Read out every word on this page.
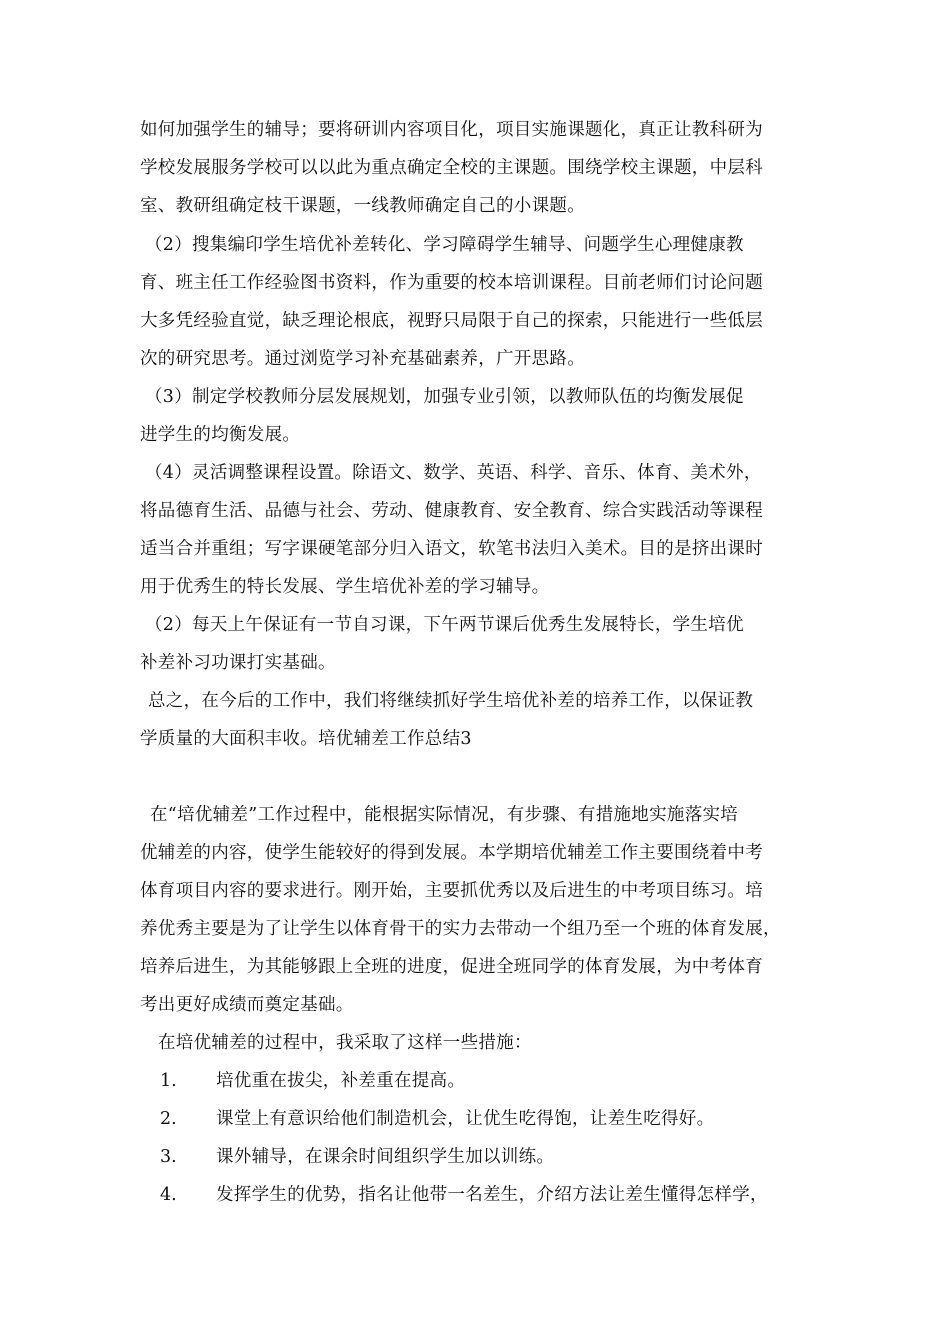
如何加强学生的辅导；要将研训内容项目化，项目实施课题化，真正让教科研为
学校发展服务学校可以以此为重点确定全校的主课题。围绕学校主课题，中层科
室、教研组确定枝干课题，一线教师确定自己的小课题。
（2）搜集编印学生培优补差转化、学习障碍学生辅导、问题学生心理健康教
育、班主任工作经验图书资料，作为重要的校本培训课程。目前老师们讨论问题
大多凭经验直觉，缺乏理论根底，视野只局限于自己的探索，只能进行一些低层
次的研究思考。通过浏览学习补充基础素养，广开思路。
（3）制定学校教师分层发展规划，加强专业引领，以教师队伍的均衡发展促
进学生的均衡发展。
（4）灵活调整课程设置。除语文、数学、英语、科学、音乐、体育、美术外，
将品德育生活、品德与社会、劳动、健康教育、安全教育、综合实践活动等课程
适当合并重组；写字课硬笔部分归入语文，软笔书法归入美术。目的是挤出课时
用于优秀生的特长发展、学生培优补差的学习辅导。
（2）每天上午保证有一节自习课，下午两节课后优秀生发展特长，学生培优
补差补习功课打实基础。
总之，在今后的工作中，我们将继续抓好学生培优补差的培养工作，以保证教
学质量的大面积丰收。培优辅差工作总结3
在“培优辅差”工作过程中，能根据实际情况，有步骤、有措施地实施落实培
优辅差的内容，使学生能较好的得到发展。本学期培优辅差工作主要围绕着中考
体育项目内容的要求进行。刚开始，主要抓优秀以及后进生的中考项目练习。培
养优秀主要是为了让学生以体育骨干的实力去带动一个组乃至一个班的体育发展，
培养后进生，为其能够跟上全班的进度，促进全班同学的体育发展，为中考体育
考出更好成绩而奠定基础。
在培优辅差的过程中，我采取了这样一些措施：
1. 培优重在拔尖，补差重在提高。
2. 课堂上有意识给他们制造机会，让优生吃得饱，让差生吃得好。
3. 课外辅导，在课余时间组织学生加以训练。
4. 发挥学生的优势，指名让他带一名差生，介绍方法让差生懂得怎样学，
